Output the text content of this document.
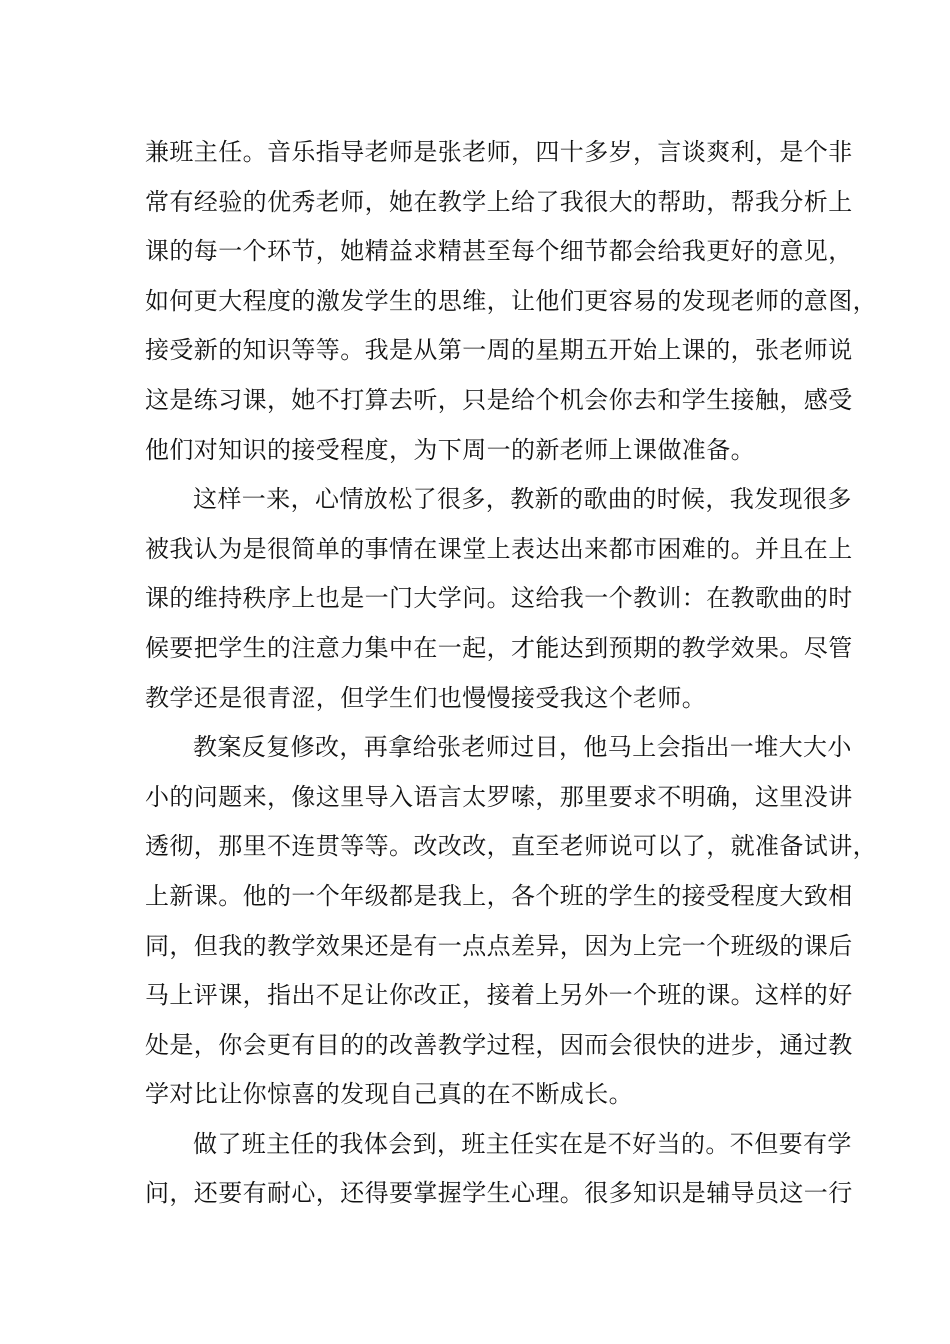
兼班主任。音乐指导老师是张老师，四十多岁，言谈爽利，是个非
常有经验的优秀老师，她在教学上给了我很大的帮助，帮我分析上
课的每一个环节，她精益求精甚至每个细节都会给我更好的意见，
如何更大程度的激发学生的思维，让他们更容易的发现老师的意图，
接受新的知识等等。我是从第一周的星期五开始上课的，张老师说
这是练习课，她不打算去听，只是给个机会你去和学生接触，感受
他们对知识的接受程度，为下周一的新老师上课做准备。
这样一来，心情放松了很多，教新的歌曲的时候，我发现很多
被我认为是很简单的事情在课堂上表达出来都市困难的。并且在上
课的维持秩序上也是一门大学问。这给我一个教训：在教歌曲的时
候要把学生的注意力集中在一起，才能达到预期的教学效果。尽管
教学还是很青涩，但学生们也慢慢接受我这个老师。
教案反复修改，再拿给张老师过目，他马上会指出一堆大大小
小的问题来，像这里导入语言太罗嗦，那里要求不明确，这里没讲
透彻，那里不连贯等等。改改改，直至老师说可以了，就准备试讲，
上新课。他的一个年级都是我上，各个班的学生的接受程度大致相
同，但我的教学效果还是有一点点差异，因为上完一个班级的课后
马上评课，指出不足让你改正，接着上另外一个班的课。这样的好
处是，你会更有目的的改善教学过程，因而会很快的进步，通过教
学对比让你惊喜的发现自己真的在不断成长。
做了班主任的我体会到，班主任实在是不好当的。不但要有学
问，还要有耐心，还得要掌握学生心理。很多知识是辅导员这一行
